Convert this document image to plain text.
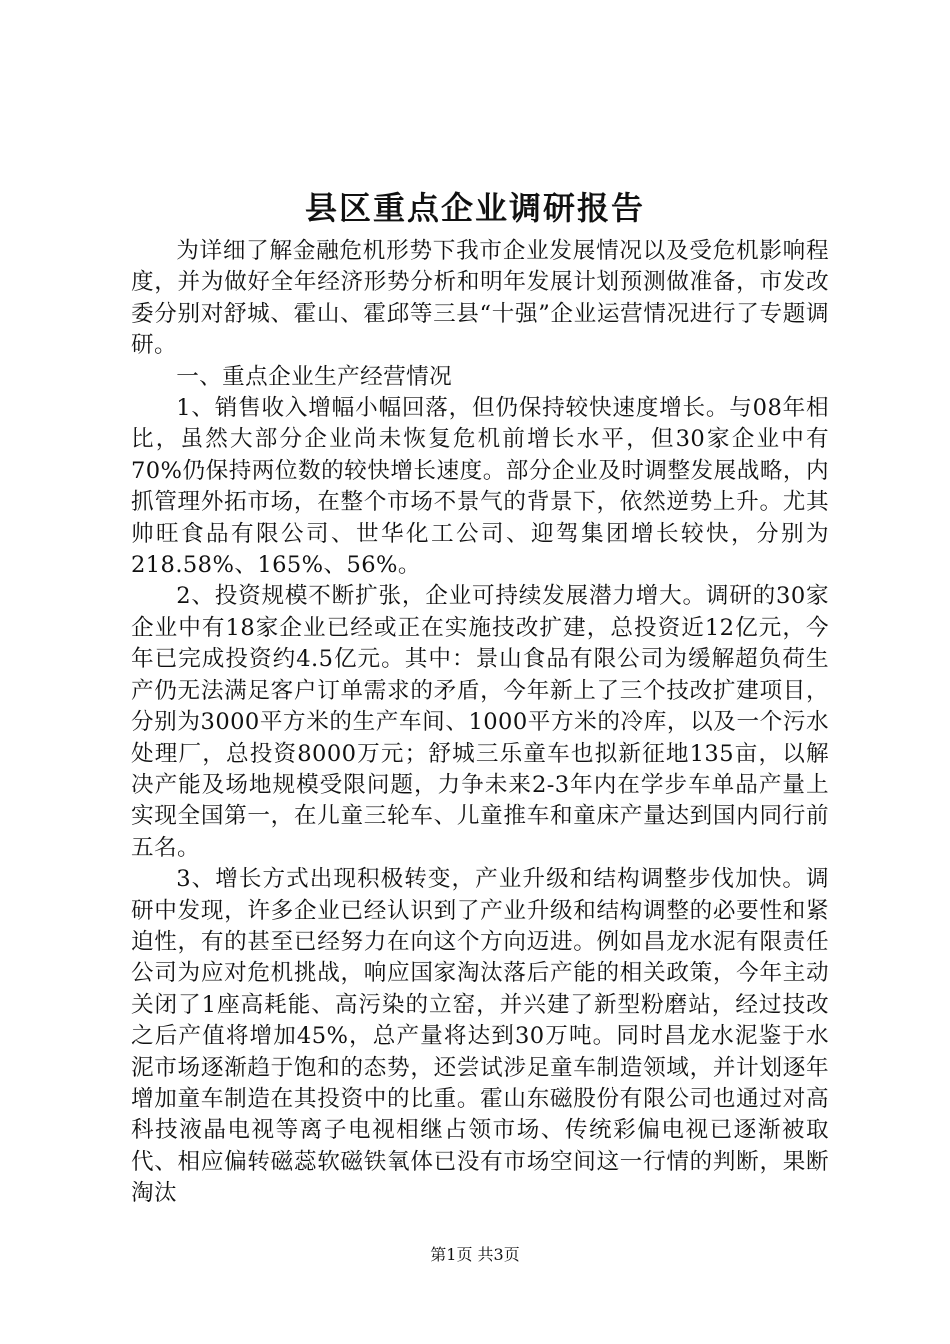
县区重点企业调研报告

为详细了解金融危机形势下我市企业发展情况以及受危机影响程度，并为做好全年经济形势分析和明年发展计划预测做准备，市发改委分别对舒城、霍山、霍邱等三县“十强”企业运营情况进行了专题调研。

一、重点企业生产经营情况

1、销售收入增幅小幅回落，但仍保持较快速度增长。与08年相比，虽然大部分企业尚未恢复危机前增长水平，但30家企业中有70%仍保持两位数的较快增长速度。部分企业及时调整发展战略，内抓管理外拓市场，在整个市场不景气的背景下，依然逆势上升。尤其帅旺食品有限公司、世华化工公司、迎驾集团增长较快，分别为218.58%、165%、56%。

2、投资规模不断扩张，企业可持续发展潜力增大。调研的30家企业中有18家企业已经或正在实施技改扩建，总投资近12亿元，今年已完成投资约4.5亿元。其中：景山食品有限公司为缓解超负荷生产仍无法满足客户订单需求的矛盾，今年新上了三个技改扩建项目，分别为3000平方米的生产车间、1000平方米的冷库，以及一个污水处理厂，总投资8000万元；舒城三乐童车也拟新征地135亩，以解决产能及场地规模受限问题，力争未来2-3年内在学步车单品产量上实现全国第一，在儿童三轮车、儿童推车和童床产量达到国内同行前五名。

3、增长方式出现积极转变，产业升级和结构调整步伐加快。调研中发现，许多企业已经认识到了产业升级和结构调整的必要性和紧迫性，有的甚至已经努力在向这个方向迈进。例如昌龙水泥有限责任公司为应对危机挑战，响应国家淘汰落后产能的相关政策，今年主动关闭了1座高耗能、高污染的立窑，并兴建了新型粉磨站，经过技改之后产值将增加45%，总产量将达到30万吨。同时昌龙水泥鉴于水泥市场逐渐趋于饱和的态势，还尝试涉足童车制造领域，并计划逐年增加童车制造在其投资中的比重。霍山东磁股份有限公司也通过对高科技液晶电视等离子电视相继占领市场、传统彩偏电视已逐渐被取代、相应偏转磁蕊软磁铁氧体已没有市场空间这一行情的判断，果断淘汰

第1页 共3页
